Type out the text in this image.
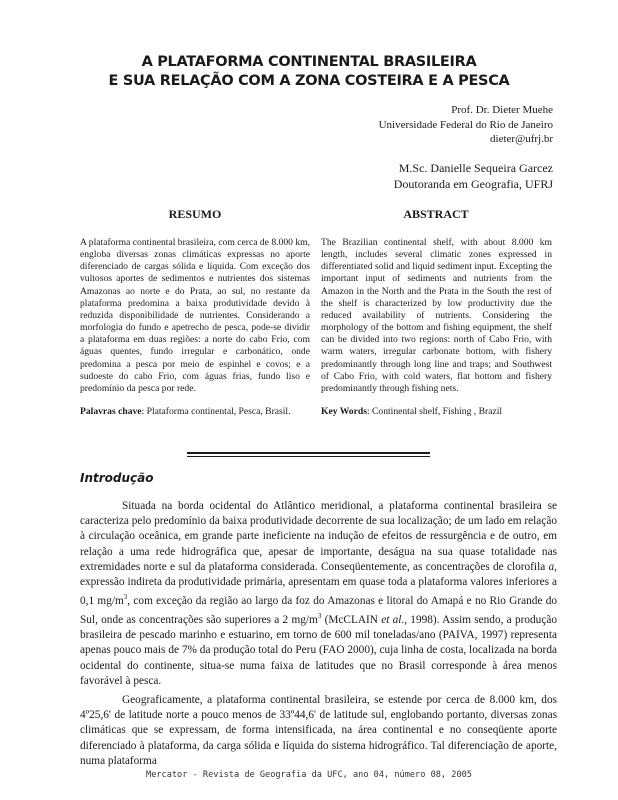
A PLATAFORMA CONTINENTAL BRASILEIRA
E SUA RELAÇÃO COM A ZONA COSTEIRA E A PESCA
Prof. Dr. Dieter Muehe
Universidade Federal do Rio de Janeiro
dieter@ufrj.br
M.Sc. Danielle Sequeira Garcez
Doutoranda em Geografia, UFRJ
RESUMO	ABSTRACT
A plataforma continental brasileira, com cerca de 8.000 km, engloba diversas zonas climáticas expressas no aporte diferenciado de cargas sólida e líquida. Com exceção dos vultosos aportes de sedimentos e nutrientes dos sistemas Amazonas ao norte e do Prata, ao sul, no restante da plataforma predomina a baixa produtividade devido à reduzida disponibilidade de nutrientes. Considerando a morfologia do fundo e apetrecho de pesca, pode-se dividir a plataforma em duas regiões: a norte do cabo Frio, com águas quentes, fundo irregular e carbonático, onde predomina a pesca por meio de espinhel e covos; e a sudoeste do cabo Frio, com águas frias, fundo liso e predomínio da pesca por rede.
The Brazilian continental shelf, with about 8.000 km length, includes several climatic zones expressed in differentiated solid and liquid sediment input. Excepting the important input of sediments and nutrients from the Amazon in the North and the Prata in the South the rest of the shelf is characterized by low productivity due the reduced availability of nutrients. Considering the morphology of the bottom and fishing equipment, the shelf can be divided into two regions: north of Cabo Frio, with warm waters, irregular carbonate bottom, with fishery predominantly through long line and traps; and Southwest of Cabo Frio, with cold waters, flat bottom and fishery predominantly through fishing nets.
Palavras chave: Plataforma continental, Pesca, Brasil.	Key Words: Continental shelf, Fishing , Brazil
Introdução

Situada na borda ocidental do Atlântico meridional, a plataforma continental brasileira se caracteriza pelo predomínio da baixa produtividade decorrente de sua localização; de um lado em relação à circulação oceânica, em grande parte ineficiente na indução de efeitos de ressurgência e de outro, em relação a uma rede hidrográfica que, apesar de importante, deságua na sua quase totalidade nas extremidades norte e sul da plataforma considerada. Conseqüentemente, as concentrações de clorofila a, expressão indireta da produtividade primária, apresentam em quase toda a plataforma valores inferiores a 0,1 $mg/m^3$, com exceção da região ao largo da foz do Amazonas e litoral do Amapá e no Rio Grande do Sul, onde as concentrações são superiores a 2 $mg/m^3$ (McCLAIN et al., 1998). Assim sendo, a produção brasileira de pescado marinho e estuarino, em torno de 600 mil toneladas/ano (PAIVA, 1997) representa apenas pouco mais de 7% da produção total do Peru (FAO 2000), cuja linha de costa, localizada na borda ocidental do continente, situa-se numa faixa de latitudes que no Brasil corresponde à área menos favorável à pesca.

Geograficamente, a plataforma continental brasileira, se estende por cerca de 8.000 km, dos 4º25,6' de latitude norte a pouco menos de 33º44,6' de latitude sul, englobando portanto, diversas zonas climáticas que se expressam, de forma intensificada, na área continental e no conseqüente aporte diferenciado à plataforma, da carga sólida e líquida do sistema hidrográfico. Tal diferenciação de aporte, numa plataforma

Mercator - Revista de Geografia da UFC, ano 04, número 08, 2005
